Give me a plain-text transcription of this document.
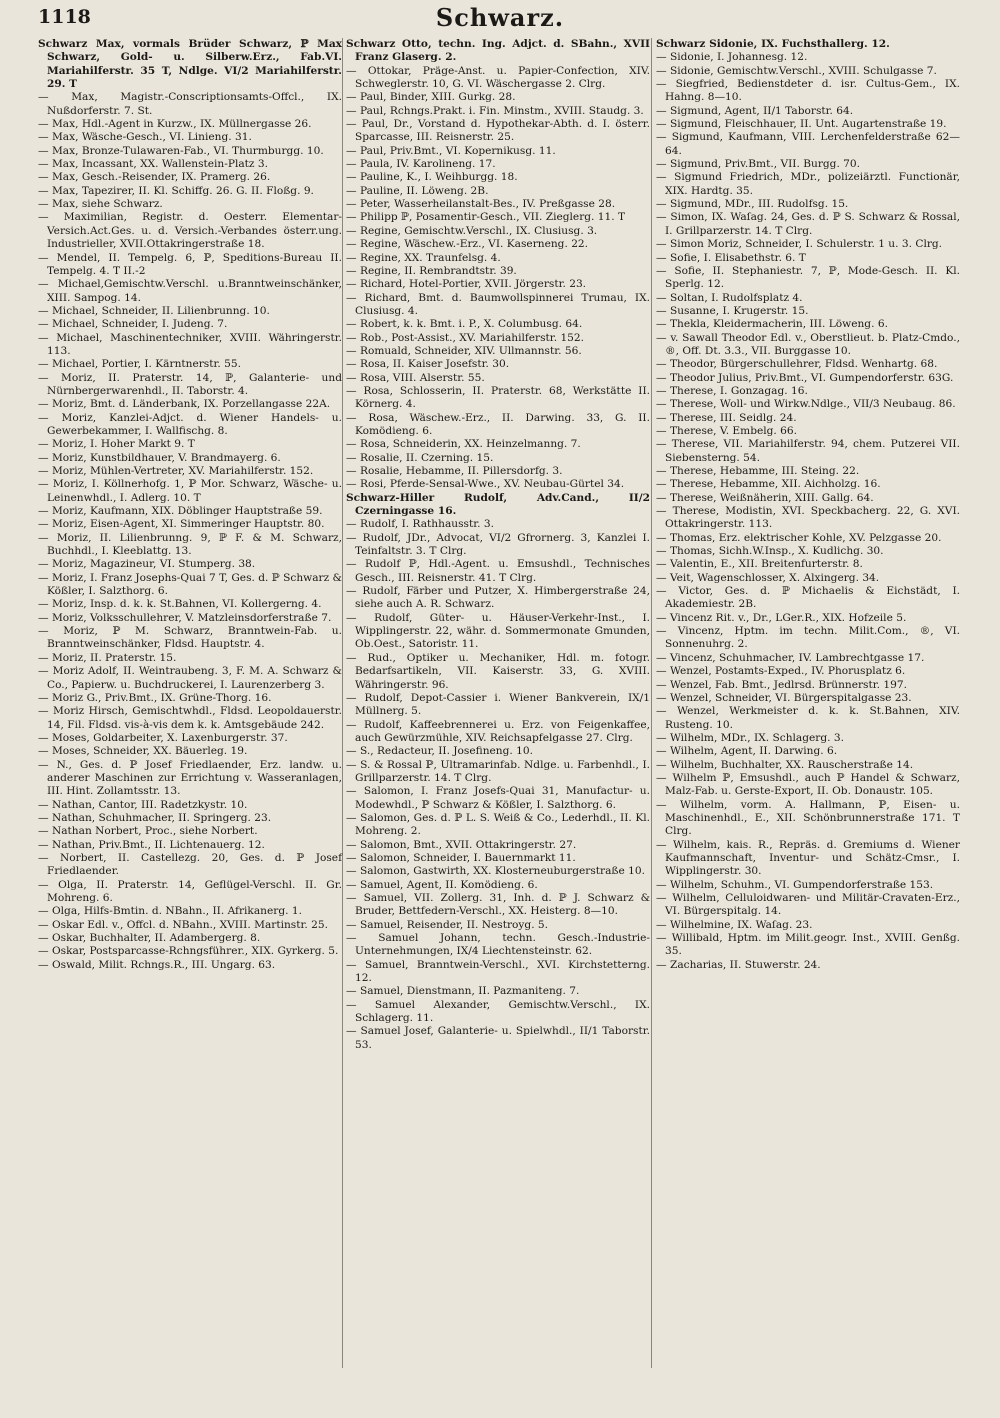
1118	Schwarz.

Schwarz Max, vormals Brüder Schwarz, ℙ Max Schwarz, Gold- u. Silberw.Erz., Fab.VI. Mariahilferstr. 35 T, Ndlge. VI/2 Mariahilferstr. 29. T

— Max, Magistr.-Conscriptionsamts-Offcl., IX. Nußdorferstr. 7. St.

— Max, Hdl.-Agent in Kurzw., IX. Müllnergasse 26.

— Max, Wäsche-Gesch., VI. Linieng. 31.

— Max, Bronze-Tulawaren-Fab., VI. Thurmburgg. 10.

— Max, Incassant, XX. Wallenstein-Platz 3.

— Max, Gesch.-Reisender, IX. Pramerg. 26.

— Max, Tapezirer, II. Kl. Schiffg. 26. G. II. Floßg. 9.

— Max, siehe Schwarz.

— Maximilian, Registr. d. Oesterr. Elementar-Versich.Act.Ges. u. d. Versich.-Verbandes österr.ung. Industrieller, XVII.Ottakringerstraße 18.

— Mendel, II. Tempelg. 6, ℙ, Speditions-Bureau II. Tempelg. 4. T II.-2

— Michael,Gemischtw.Verschl. u.Branntweinschänker, XIII. Sampog. 14.

— Michael, Schneider, II. Lilienbrunng. 10.

— Michael, Schneider, I. Judeng. 7.

— Michael, Maschinentechniker, XVIII. Währingerstr. 113.

— Michael, Portier, I. Kärntnerstr. 55.

— Moriz, II. Praterstr. 14, ℙ, Galanterie- und Nürnbergerwarenhdl., II. Taborstr. 4.

— Moriz, Bmt. d. Länderbank, IX. Porzellangasse 22A.

— Moriz, Kanzlei-Adjct. d. Wiener Handels- u. Gewerbekammer, I. Wallfischg. 8.

— Moriz, I. Hoher Markt 9. T

— Moriz, Kunstbildhauer, V. Brandmayerg. 6.

— Moriz, Mühlen-Vertreter, XV. Mariahilferstr. 152.

— Moriz, I. Köllnerhofg. 1, ℙ Mor. Schwarz, Wäsche- u. Leinenwhdl., I. Adlerg. 10. T

— Moriz, Kaufmann, XIX. Döblinger Hauptstraße 59.

— Moriz, Eisen-Agent, XI. Simmeringer Hauptstr. 80.

— Moriz, II. Lilienbrunng. 9, ℙ F. & M. Schwarz, Buchhdl., I. Kleeblattg. 13.

— Moriz, Magazineur, VI. Stumperg. 38.

— Moriz, I. Franz Josephs-Quai 7 T, Ges. d. ℙ Schwarz & Kößler, I. Salzthorg. 6.

— Moriz, Insp. d. k. k. St.Bahnen, VI. Kollergerng. 4.

— Moriz, Volksschullehrer, V. Matzleinsdorferstraße 7.

— Moriz, ℙ M. Schwarz, Branntwein-Fab. u. Branntweinschänker, Fldsd. Hauptstr. 4.

— Moriz, II. Praterstr. 15.

— Moriz Adolf, II. Weintraubeng. 3, F. M. A. Schwarz & Co., Papierw. u. Buchdruckerei, I. Laurenzerberg 3.

— Moriz G., Priv.Bmt., IX. Grüne-Thorg. 16.

— Moriz Hirsch, Gemischtwhdl., Fldsd. Leopoldauerstr. 14, Fil. Fldsd. vis-à-vis dem k. k. Amtsgebäude 242.

— Moses, Goldarbeiter, X. Laxenburgerstr. 37.

— Moses, Schneider, XX. Bäuerleg. 19.

— N., Ges. d. ℙ Josef Friedlaender, Erz. landw. u. anderer Maschinen zur Errichtung v. Wasseranlagen, III. Hint. Zollamtsstr. 13.

— Nathan, Cantor, III. Radetzkystr. 10.

— Nathan, Schuhmacher, II. Springerg. 23.

— Nathan Norbert, Proc., siehe Norbert.

— Nathan, Priv.Bmt., II. Lichtenauerg. 12.

— Norbert, II. Castellezg. 20, Ges. d. ℙ Josef Friedlaender.

— Olga, II. Praterstr. 14, Geflügel-Verschl. II. Gr. Mohreng. 6.

— Olga, Hilfs-Bmtin. d. NBahn., II. Afrikanerg. 1.

— Oskar Edl. v., Offcl. d. NBahn., XVIII. Martinstr. 25.

— Oskar, Buchhalter, II. Adambergerg. 8.

— Oskar, Postsparcasse-Rchngsführer., XIX. Gyrkerg. 5.

— Oswald, Milit. Rchngs.R., III. Ungarg. 63.

Schwarz Otto, techn. Ing. Adjct. d. SBahn., XVII Franz Glaserg. 2.

— Ottokar, Präge-Anst. u. Papier-Confection, XIV. Schweglerstr. 10, G. VI. Wäschergasse 2. Clrg.

— Paul, Binder, XIII. Gurkg. 28.

— Paul, Rchngs.Prakt. i. Fin. Minstm., XVIII. Staudg. 3.

— Paul, Dr., Vorstand d. Hypothekar-Abth. d. I. österr. Sparcasse, III. Reisnerstr. 25.

— Paul, Priv.Bmt., VI. Kopernikusg. 11.

— Paula, IV. Karolineng. 17.

— Pauline, K., I. Weihburgg. 18.

— Pauline, II. Löweng. 2B.

— Peter, Wasserheilanstalt-Bes., IV. Preßgasse 28.

— Philipp ℙ, Posamentir-Gesch., VII. Zieglerg. 11. T

— Regine, Gemischtw.Verschl., IX. Clusiusg. 3.

— Regine, Wäschew.-Erz., VI. Kaserneng. 22.

— Regine, XX. Traunfelsg. 4.

— Regine, II. Rembrandtstr. 39.

— Richard, Hotel-Portier, XVII. Jörgerstr. 23.

— Richard, Bmt. d. Baumwollspinnerei Trumau, IX. Clusiusg. 4.

— Robert, k. k. Bmt. i. P., X. Columbusg. 64.

— Rob., Post-Assist., XV. Mariahilferstr. 152.

— Romuald, Schneider, XIV. Ullmannstr. 56.

— Rosa, II. Kaiser Josefstr. 30.

— Rosa, VIII. Alserstr. 55.

— Rosa, Schlosserin, II. Praterstr. 68, Werkstätte II. Körnerg. 4.

— Rosa, Wäschew.-Erz., II. Darwing. 33, G. II. Komödieng. 6.

— Rosa, Schneiderin, XX. Heinzelmanng. 7.

— Rosalie, II. Czerning. 15.

— Rosalie, Hebamme, II. Pillersdorfg. 3.

— Rosi, Pferde-Sensal-Wwe., XV. Neubau-Gürtel 34.

Schwarz-Hiller Rudolf, Adv.Cand., II/2 Czerningasse 16.

— Rudolf, I. Rathhausstr. 3.

— Rudolf, JDr., Advocat, VI/2 Gfrornerg. 3, Kanzlei I. Teinfaltstr. 3. T Clrg.

— Rudolf ℙ, Hdl.-Agent. u. Emsushdl., Technisches Gesch., III. Reisnerstr. 41. T Clrg.

— Rudolf, Färber und Putzer, X. Himbergerstraße 24, siehe auch A. R. Schwarz.

— Rudolf, Güter- u. Häuser-Verkehr-Inst., I. Wipplingerstr. 22, währ. d. Sommermonate Gmunden, Ob.Oest., Satoristr. 11.

— Rud., Optiker u. Mechaniker, Hdl. m. fotogr. Bedarfsartikeln, VII. Kaiserstr. 33, G. XVIII. Währingerstr. 96.

— Rudolf, Depot-Cassier i. Wiener Bankverein, IX/1 Müllnerg. 5.

— Rudolf, Kaffeebrennerei u. Erz. von Feigenkaffee, auch Gewürzmühle, XIV. Reichsapfelgasse 27. Clrg.

— S., Redacteur, II. Josefineng. 10.

— S. & Rossal ℙ, Ultramarinfab. Ndlge. u. Farbenhdl., I. Grillparzerstr. 14. T Clrg.

— Salomon, I. Franz Josefs-Quai 31, Manufactur- u. Modewhdl., ℙ Schwarz & Kößler, I. Salzthorg. 6.

— Salomon, Ges. d. ℙ L. S. Weiß & Co., Lederhdl., II. Kl. Mohreng. 2.

— Salomon, Bmt., XVII. Ottakringerstr. 27.

— Salomon, Schneider, I. Bauernmarkt 11.

— Salomon, Gastwirth, XX. Klosterneuburgerstraße 10.

— Samuel, Agent, II. Komödieng. 6.

— Samuel, VII. Zollerg. 31, Inh. d. ℙ J. Schwarz & Bruder, Bettfedern-Verschl., XX. Heisterg. 8—10.

— Samuel, Reisender, II. Nestroyg. 5.

— Samuel Johann, techn. Gesch.-Industrie-Unternehmungen, IX/4 Liechtensteinstr. 62.

— Samuel, Branntwein-Verschl., XVI. Kirchstetterng. 12.

— Samuel, Dienstmann, II. Pazmaniteng. 7.

— Samuel Alexander, Gemischtw.Verschl., IX. Schlagerg. 11.

— Samuel Josef, Galanterie- u. Spielwhdl., II/1 Taborstr. 53.

Schwarz Sidonie, IX. Fuchsthallerg. 12.

— Sidonie, I. Johannesg. 12.

— Sidonie, Gemischtw.Verschl., XVIII. Schulgasse 7.

— Siegfried, Bedienstdeter d. isr. Cultus-Gem., IX. Hahng. 8—10.

— Sigmund, Agent, II/1 Taborstr. 64.

— Sigmund, Fleischhauer, II. Unt. Augartenstraße 19.

— Sigmund, Kaufmann, VIII. Lerchenfelderstraße 62—64.

— Sigmund, Priv.Bmt., VII. Burgg. 70.

— Sigmund Friedrich, MDr., polizeiärztl. Functionär, XIX. Hardtg. 35.

— Sigmund, MDr., III. Rudolfsg. 15.

— Simon, IX. Waſag. 24, Ges. d. ℙ S. Schwarz & Rossal, I. Grillparzerstr. 14. T Clrg.

— Simon Moriz, Schneider, I. Schulerstr. 1 u. 3. Clrg.

— Sofie, I. Elisabethstr. 6. T

— Sofie, II. Stephaniestr. 7, ℙ, Mode-Gesch. II. Kl. Sperlg. 12.

— Soltan, I. Rudolfsplatz 4.

— Susanne, I. Krugerstr. 15.

— Thekla, Kleidermacherin, III. Löweng. 6.

— v. Sawall Theodor Edl. v., Oberstlieut. b. Platz-Cmdo., ®, Off. Dt. 3.3., VII. Burggasse 10.

— Theodor, Bürgerschullehrer, Fldsd. Wenhartg. 68.

— Theodor Julius, Priv.Bmt., VI. Gumpendorferstr. 63G.

— Therese, I. Gonzagag. 16.

— Therese, Woll- und Wirkw.Ndlge., VII/3 Neubaug. 86.

— Therese, III. Seidlg. 24.

— Therese, V. Embelg. 66.

— Therese, VII. Mariahilferstr. 94, chem. Putzerei VII. Siebensterng. 54.

— Therese, Hebamme, III. Steing. 22.

— Therese, Hebamme, XII. Aichholzg. 16.

— Therese, Weißnäherin, XIII. Gallg. 64.

— Therese, Modistin, XVI. Speckbacherg. 22, G. XVI. Ottakringerstr. 113.

— Thomas, Erz. elektrischer Kohle, XV. Pelzgasse 20.

— Thomas, Sichh.W.Insp., X. Kudlichg. 30.

— Valentin, E., XII. Breitenfurterstr. 8.

— Veit, Wagenschlosser, X. Alxingerg. 34.

— Victor, Ges. d. ℙ Michaelis & Eichstädt, I. Akademiestr. 2B.

— Vincenz Rit. v., Dr., LGer.R., XIX. Hofzeile 5.

— Vincenz, Hptm. im techn. Milit.Com., ®, VI. Sonnenuhrg. 2.

— Vincenz, Schuhmacher, IV. Lambrechtgasse 17.

— Wenzel, Postamts-Exped., IV. Phorusplatz 6.

— Wenzel, Fab. Bmt., Jedlrsd. Brünnerstr. 197.

— Wenzel, Schneider, VI. Bürgerspitalgasse 23.

— Wenzel, Werkmeister d. k. k. St.Bahnen, XIV. Rusteng. 10.

— Wilhelm, MDr., IX. Schlagerg. 3.

— Wilhelm, Agent, II. Darwing. 6.

— Wilhelm, Buchhalter, XX. Rauscherstraße 14.

— Wilhelm ℙ, Emsushdl., auch ℙ Handel & Schwarz, Malz-Fab. u. Gerste-Export, II. Ob. Donaustr. 105.

— Wilhelm, vorm. A. Hallmann, ℙ, Eisen- u. Maschinenhdl., E., XII. Schönbrunnerstraße 171. T Clrg.

— Wilhelm, kais. R., Repräs. d. Gremiums d. Wiener Kaufmannschaft, Inventur- und Schätz-Cmsr., I. Wipplingerstr. 30.

— Wilhelm, Schuhm., VI. Gumpendorferstraße 153.

— Wilhelm, Celluloidwaren- und Militär-Cravaten-Erz., VI. Bürgerspitalg. 14.

— Wilhelmine, IX. Waſag. 23.

— Willibald, Hptm. im Milit.geogr. Inst., XVIII. Genßg. 35.

— Zacharias, II. Stuwerstr. 24.
